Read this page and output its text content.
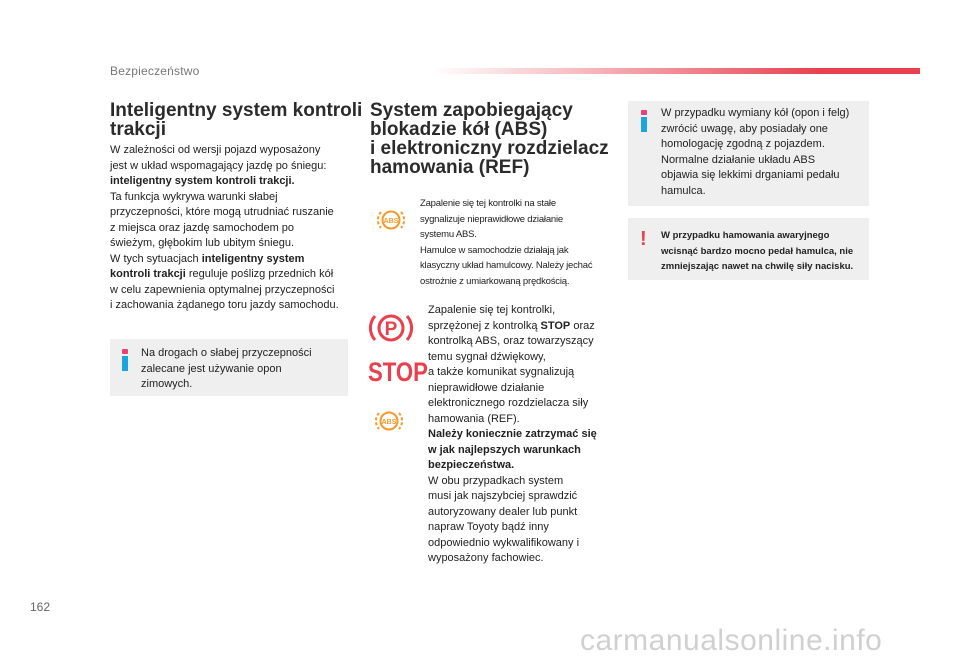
Bezpieczeństwo
Inteligentny system kontroli
trakcji
W zależności od wersji pojazd wyposażony
jest w układ wspomagający jazdę po śniegu:
inteligentny system kontroli trakcji.
Ta funkcja wykrywa warunki słabej
przyczepności, które mogą utrudniać ruszanie
z miejsca oraz jazdę samochodem po
świeżym, głębokim lub ubitym śniegu.
W tych sytuacjach inteligentny system
kontroli trakcji reguluje poślizg przednich kół
w celu zapewnienia optymalnej przyczepności
i zachowania żądanego toru jazdy samochodu.
Na drogach o słabej przyczepności
zalecane jest używanie opon
zimowych.
System zapobiegający
blokadzie kół (ABS)
i elektroniczny rozdzielacz
hamowania (REF)
ABS
Zapalenie się tej kontrolki na stałe
sygnalizuje nieprawidłowe działanie
systemu ABS.
Hamulce w samochodzie działają jak
klasyczny układ hamulcowy. Należy jechać
ostrożnie z umiarkowaną prędkością.
P
STOP
ABS
Zapalenie się tej kontrolki,
sprzężonej z kontrolką STOP oraz
kontrolką ABS, oraz towarzyszący
temu sygnał dźwiękowy,
a także komunikat sygnalizują
nieprawidłowe działanie
elektronicznego rozdzielacza siły
hamowania (REF).
Należy koniecznie zatrzymać się
w jak najlepszych warunkach
bezpieczeństwa.
W obu przypadkach system
musi jak najszybciej sprawdzić
autoryzowany dealer lub punkt
napraw Toyoty bądź inny
odpowiednio wykwalifikowany i
wyposażony fachowiec.
W przypadku wymiany kół (opon i felg)
zwrócić uwagę, aby posiadały one
homologację zgodną z pojazdem.
Normalne działanie układu ABS
objawia się lekkimi drganiami pedału
hamulca.
! W przypadku hamowania awaryjnego
wcisnąć bardzo mocno pedał hamulca, nie
zmniejszając nawet na chwilę siły nacisku.
162
carmanualsonline.info
